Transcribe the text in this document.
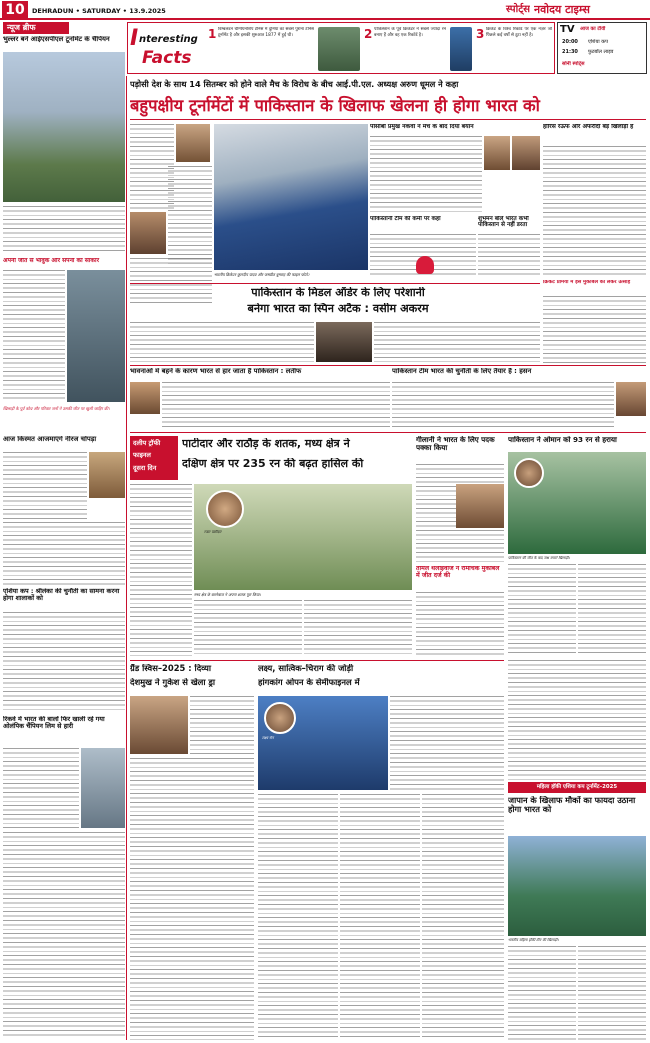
10	DEHRADUN • SATURDAY • 13.9.2025	स्पोर्ट्स नवोदय टाइम्स
I nteresting
Facts
1 विम्बलडन चैम्पियनशिप टेनिस में दुनिया का सबसे पुराना टेनिस टूर्नामेंट है और इसकी शुरुआत 1877 में हुई थी।	2 पाकिस्तान के पूर्व क्रिकेटर ने सबसे ज्यादा रन बनाए हैं और वह एक रिकॉर्ड है।	3 क्रिकेट के विश्व रिकॉर्ड पर एक नज़र जो पिछले कई वर्षों से टूटा नहीं है।
TV	आज का टीवी
20:00	एशिया कप
21:30	फुटबॉल लाइव
सोनी स्पोर्ट्स
न्यूज ब्रीफ
भुल्लर बने आईएसपीएल टूर्नामेंट के चैंपियन
अपनी जीत से भावुक और सपनों का साकार
खिलाड़ी के पूर्व कोच और परिवार जनों ने उसकी जीत पर खुशी जाहिर की।
आज किस्मत आजमाएंगे नीरज चोपड़ा
एशिया कप : श्रीलंका की चुनौती का सामना करना होगा शालाकों को
रिकर्व में भारत की बालों फिर खाली रहे गया ओलंपिक चैंपियन लिम से हारी
पड़ोसी देश के साथ 14 सितम्बर को होने वाले मैच के विरोध के बीच आई.पी.एल. अध्यक्ष अरुण धूमल ने कहा
बहुपक्षीय टूर्नामेंटों में पाकिस्तान के खिलाफ खेलना ही होगा भारत को
भारतीय क्रिकेटर कुलदीप यादव और जसप्रीत बुमराह की फाइल फोटो।
पीसीबी प्रमुख नकवी ने मैच के बाद दिया बयान
पाकिस्तानी टीम की कमी पर कहा	शुभमन बोले भारत कभी पाकिस्तान से नहीं डरता
हारिस रऊफ और अफरीदी बड़े खिलाड़ी हैं
पाकिस्तान के मिडल ऑर्डर के लिए परेशानी
बनेगा भारत का स्पिन अटैक : वसीम अकरम
क्रिकेट प्रेमियों में इस मुकाबले को लेकर उत्साह
भावनाओं में बहने के कारण भारत से हार जाता है पाकिस्तान : लतीफ	पाकिस्तान टीम भारत की चुनौती के लिए तैयार है : हसन
दलीप ट्रॉफी
फाइनल
दूसरा दिन
पाटीदार और राठौड़ के शतक, मध्य क्षेत्र ने
दक्षिण क्षेत्र पर 235 रन की बढ़त हासिल की
रजत पाटीदार
मध्य क्षेत्र के बल्लेबाज ने अपना शतक पूरा किया।
गीलानी ने भारत के लिए पदक पक्का किया
तमिल थलाइवाज ने रोमांचक मुकाबले में जीत दर्ज की
पाकिस्तान ने ओमान को 93 रन से हराया
पाकिस्तान की जीत के बाद जश्न मनाते खिलाड़ी।
ग्रैंड स्विस–2025 : दिव्या
देशमुख ने गुकेश से खेला ड्रा
लक्ष्य, सात्विक–चिराग की जोड़ी
हांगकांग ओपन के सेमीफाइनल में
लक्ष्य सेन
महिला हॉकी एशिया कप टूर्नामेंट–2025
जापान के खिलाफ मौकों का फायदा उठाना होगा भारत को
भारतीय महिला हॉकी टीम की खिलाड़ी।
